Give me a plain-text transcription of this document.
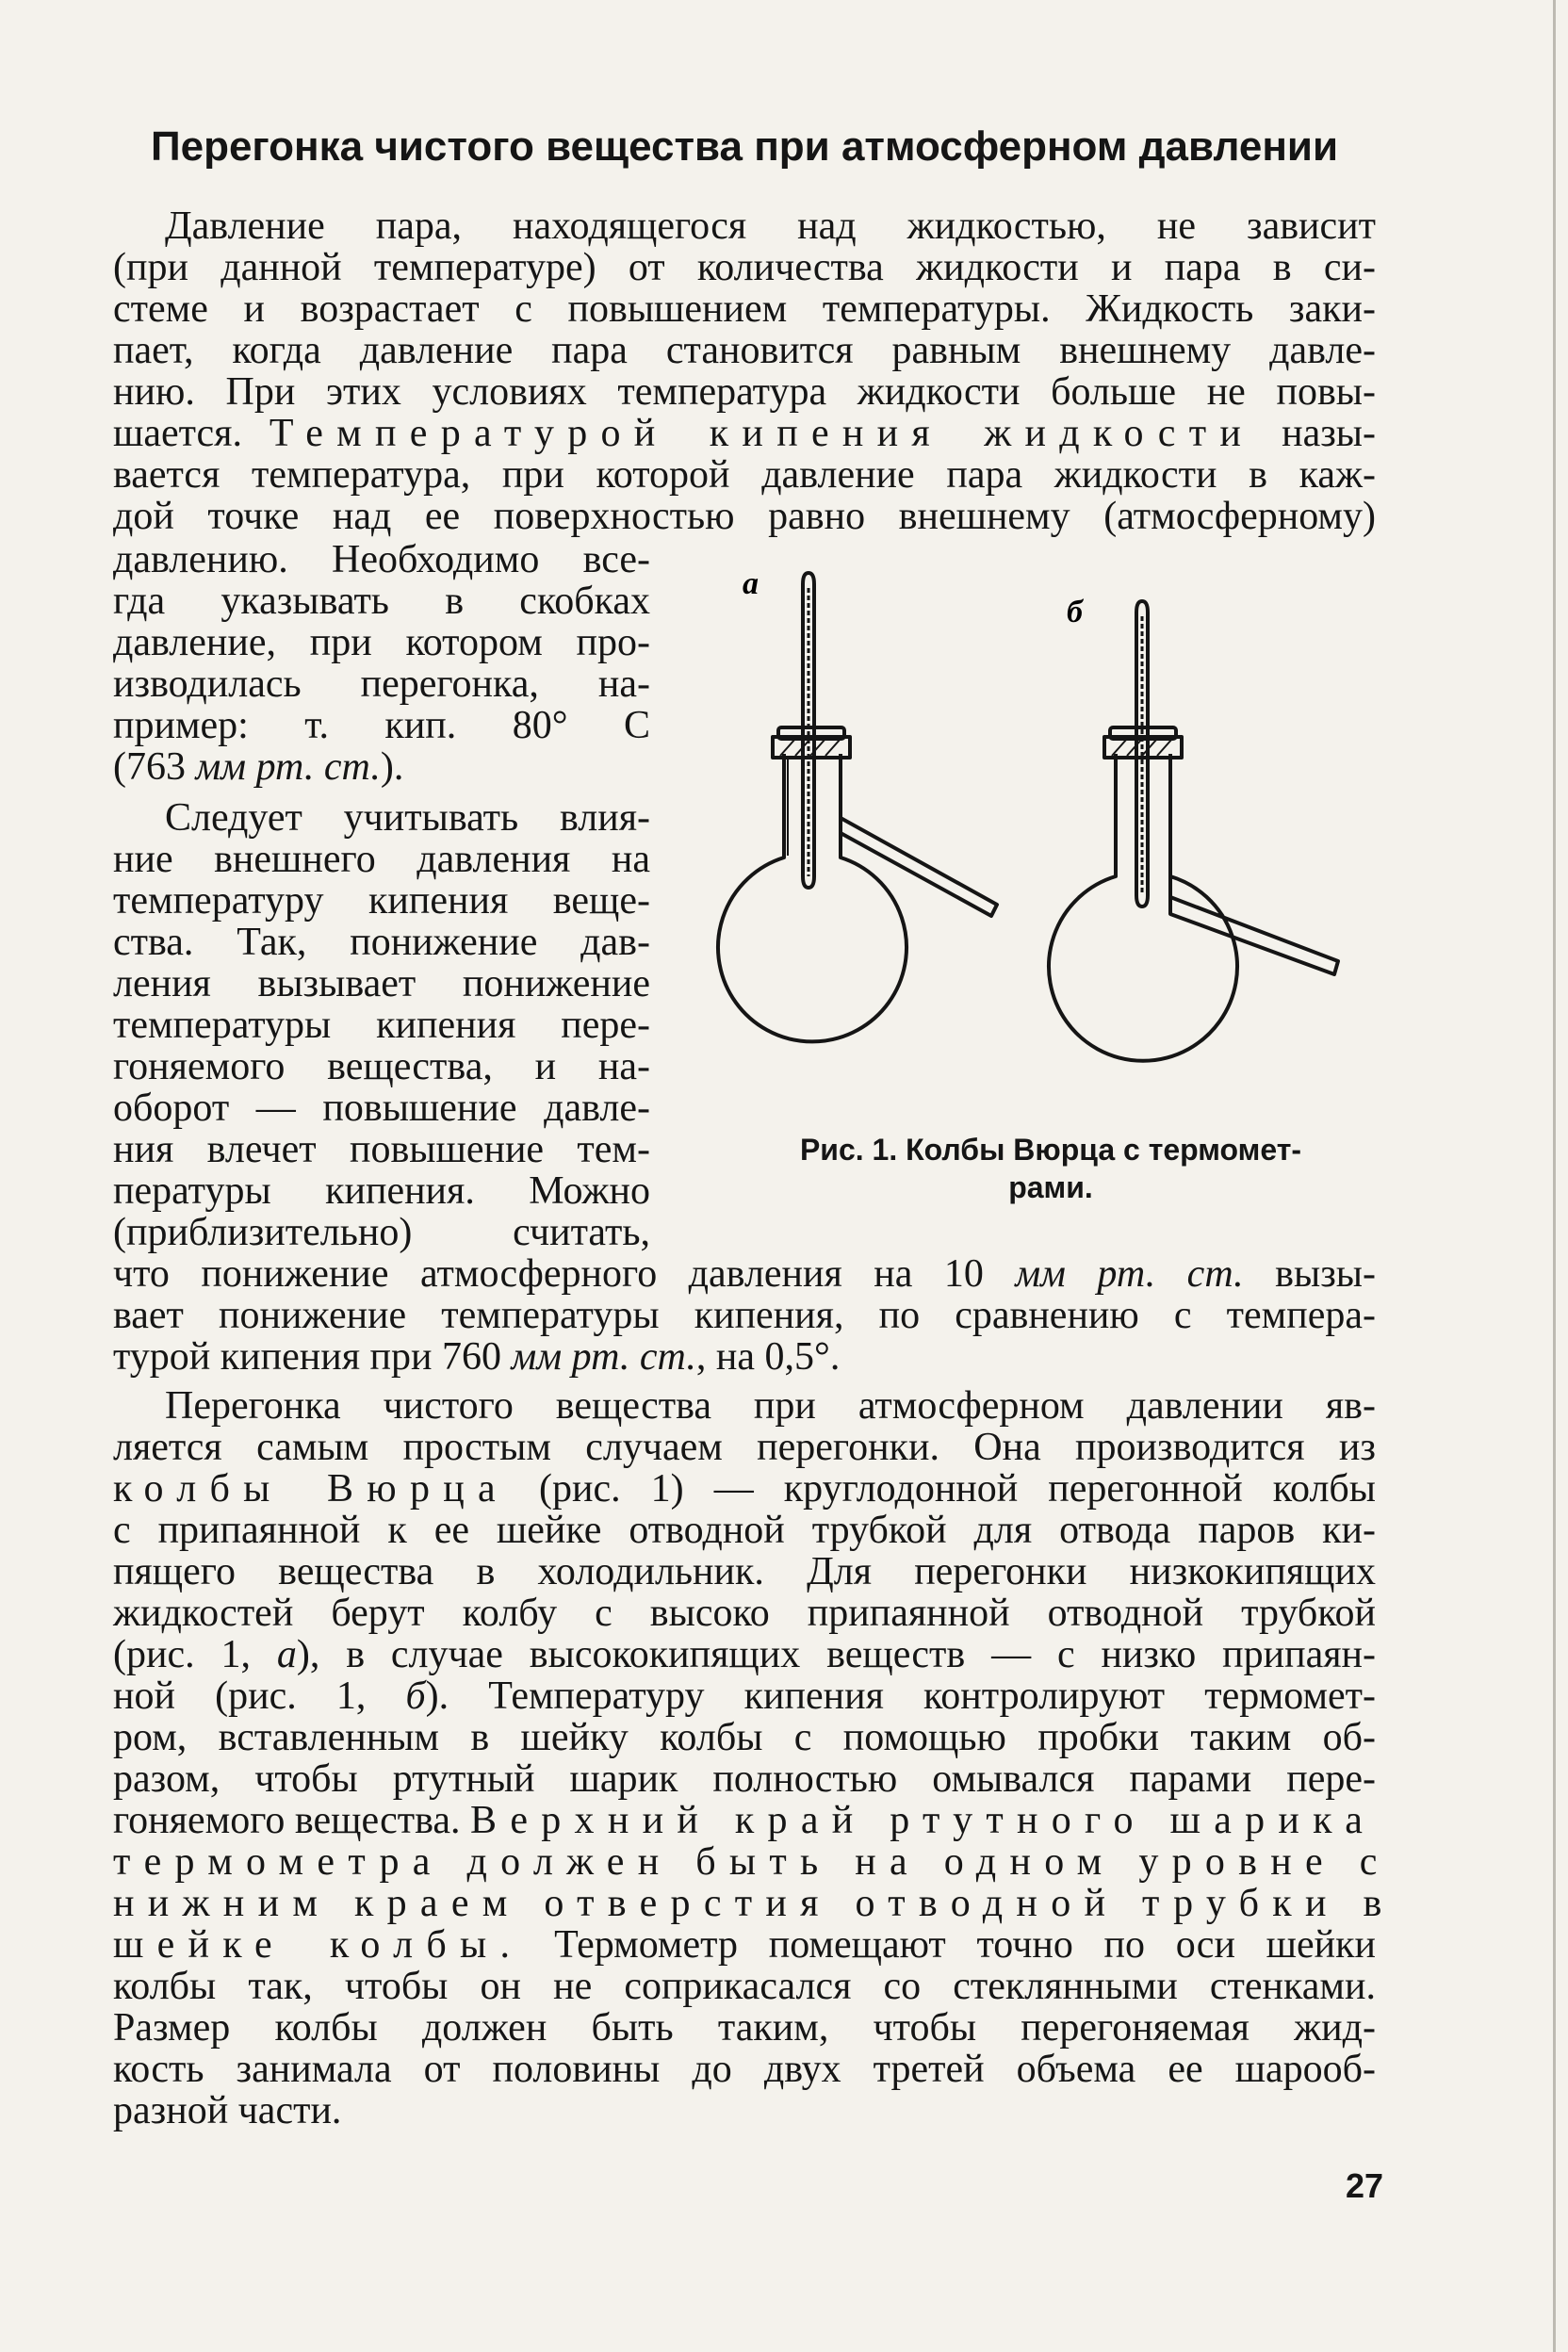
Перегонка чистого вещества при атмосферном давлении
Давление пара, находящегося над жидкостью, не зависит
(при данной температуре) от количества жидкости и пара в си-
стеме и возрастает с повышением температуры. Жидкость заки-
пает, когда давление пара становится равным внешнему давле-
нию. При этих условиях температура жидкости больше не повы-
шается. Температурой кипения жидкости назы-
вается температура, при которой давление пара жидкости в каж-
дой точке над ее поверхностью равно внешнему (атмосферному)
давлению. Необходимо все-
гда указывать в скобках
давление, при котором про-
изводилась перегонка, на-
пример: т. кип. 80° С
(763 мм рт. ст.).
Следует учитывать влия-
ние внешнего давления на
температуру кипения веще-
ства. Так, понижение дав-
ления вызывает понижение
температуры кипения пере-
гоняемого вещества, и на-
оборот — повышение давле-
ния влечет повышение тем-
пературы кипения. Можно
(приблизительно) считать,
что понижение атмосферного давления на 10 мм рт. ст. вызы-
вает понижение температуры кипения, по сравнению с темпера-
турой кипения при 760 мм рт. ст., на 0,5°.
Перегонка чистого вещества при атмосферном давлении яв-
ляется самым простым случаем перегонки. Она производится из
колбы Вюрца (рис. 1) — круглодонной перегонной колбы
с припаянной к ее шейке отводной трубкой для отвода паров ки-
пящего вещества в холодильник. Для перегонки низкокипящих
жидкостей берут колбу с высоко припаянной отводной трубкой
(рис. 1, а), в случае высококипящих веществ — с низко припаян-
ной (рис. 1, б). Температуру кипения контролируют термомет-
ром, вставленным в шейку колбы с помощью пробки таким об-
разом, чтобы ртутный шарик полностью омывался парами пере-
гоняемого вещества. Верхний край ртутного шарика
термометра должен быть на одном уровне с
нижним краем отверстия отводной трубки в
шейке колбы. Термометр помещают точно по оси шейки
колбы так, чтобы он не соприкасался со стеклянными стенками.
Размер колбы должен быть таким, чтобы перегоняемая жид-
кость занимала от половины до двух третей объема ее шарооб-
разной части.
а
б
Рис. 1. Колбы Вюрца с термомет-
рами.
27
